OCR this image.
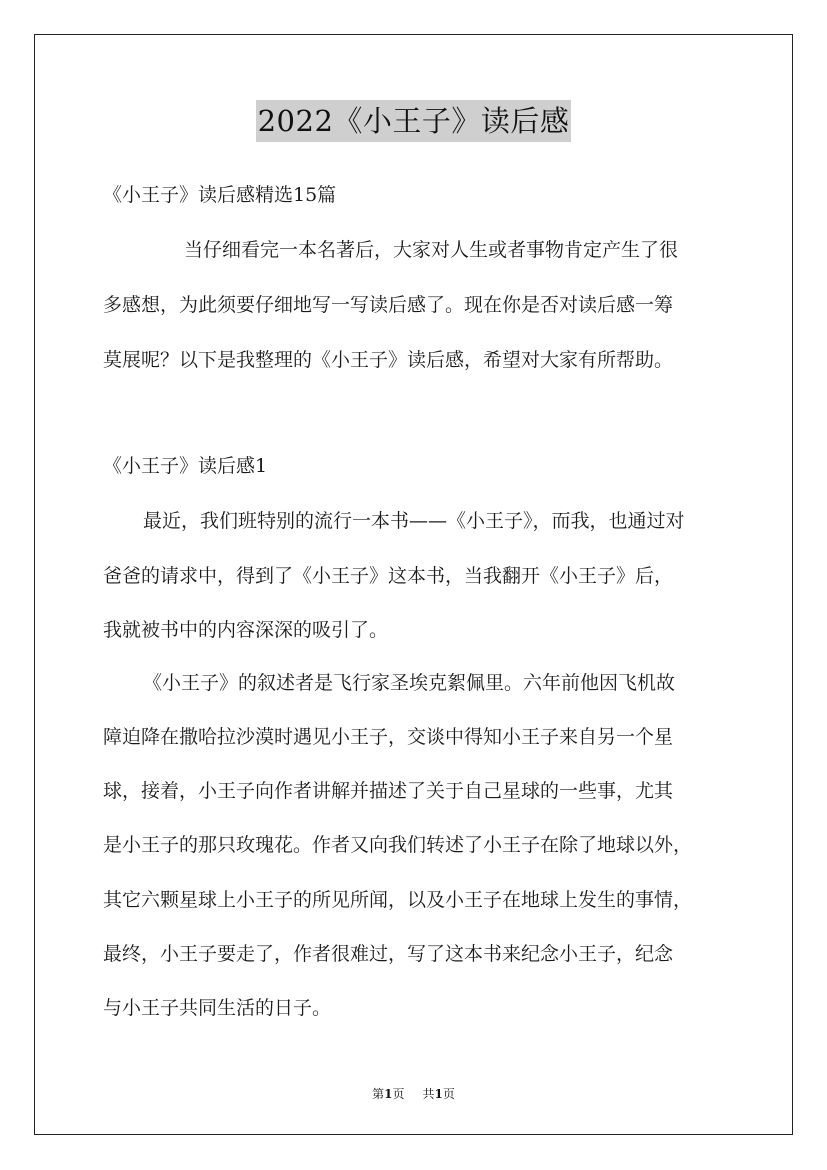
2022《小王子》读后感
《小王子》读后感精选15篇
当仔细看完一本名著后，大家对人生或者事物肯定产生了很
多感想，为此须要仔细地写一写读后感了。现在你是否对读后感一筹
莫展呢？以下是我整理的《小王子》读后感，希望对大家有所帮助。
《小王子》读后感1
最近，我们班特别的流行一本书——《小王子》，而我，也通过对
爸爸的请求中，得到了《小王子》这本书，当我翻开《小王子》后，
我就被书中的内容深深的吸引了。
《小王子》的叙述者是飞行家圣埃克絮佩里。六年前他因飞机故
障迫降在撒哈拉沙漠时遇见小王子，交谈中得知小王子来自另一个星
球，接着，小王子向作者讲解并描述了关于自己星球的一些事，尤其
是小王子的那只玫瑰花。作者又向我们转述了小王子在除了地球以外，
其它六颗星球上小王子的所见所闻，以及小王子在地球上发生的事情，
最终，小王子要走了，作者很难过，写了这本书来纪念小王子，纪念
与小王子共同生活的日子。
第1页 共1页
